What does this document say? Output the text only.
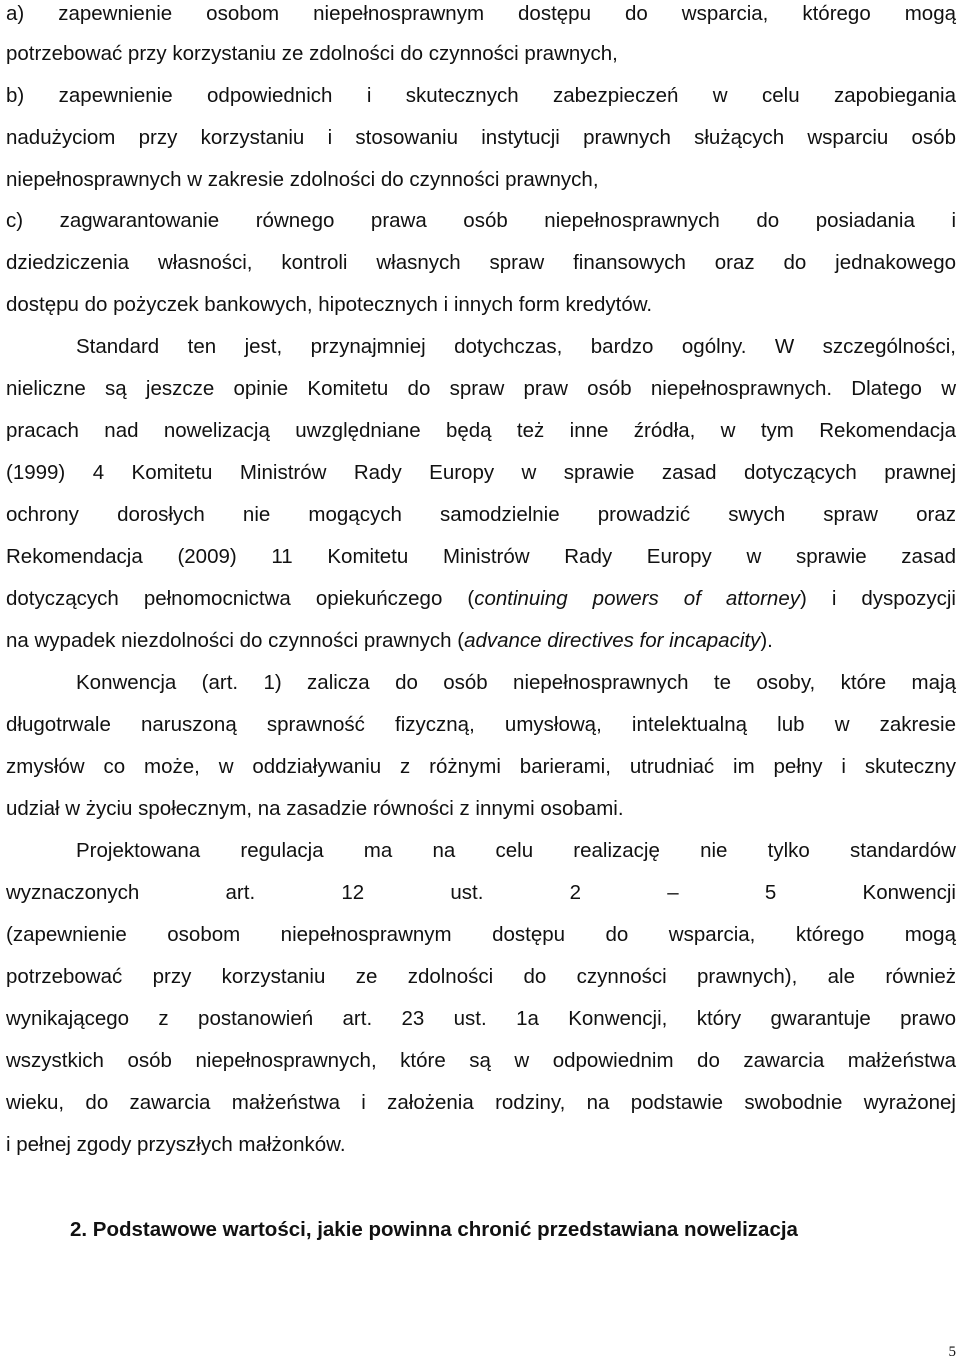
a) zapewnienie osobom niepełnosprawnym dostępu do wsparcia, którego mogą
potrzebować przy korzystaniu ze zdolności do czynności prawnych,
b) zapewnienie odpowiednich i skutecznych zabezpieczeń w celu zapobiegania
nadużyciom przy korzystaniu i stosowaniu instytucji prawnych służących wsparciu osób
niepełnosprawnych w zakresie zdolności do czynności prawnych,
c) zagwarantowanie równego prawa osób niepełnosprawnych do posiadania i
dziedziczenia własności, kontroli własnych spraw finansowych oraz do jednakowego
dostępu do pożyczek bankowych, hipotecznych i innych form kredytów.
Standard ten jest, przynajmniej dotychczas, bardzo ogólny. W szczególności,
nieliczne są jeszcze opinie Komitetu do spraw praw osób niepełnosprawnych. Dlatego w
pracach nad nowelizacją uwzględniane będą też inne źródła, w tym Rekomendacja
(1999) 4 Komitetu Ministrów Rady Europy w sprawie zasad dotyczących prawnej
ochrony dorosłych nie mogących samodzielnie prowadzić swych spraw oraz
Rekomendacja (2009) 11 Komitetu Ministrów Rady Europy w sprawie zasad
dotyczących pełnomocnictwa opiekuńczego (continuing powers of attorney) i dyspozycji
na wypadek niezdolności do czynności prawnych (advance directives for incapacity).
Konwencja (art. 1) zalicza do osób niepełnosprawnych te osoby, które mają
długotrwale naruszoną sprawność fizyczną, umysłową, intelektualną lub w zakresie
zmysłów co może, w oddziaływaniu z różnymi barierami, utrudniać im pełny i skuteczny
udział w życiu społecznym, na zasadzie równości z innymi osobami.
Projektowana regulacja ma na celu realizację nie tylko standardów
wyznaczonych art. 12 ust. 2 – 5 Konwencji
(zapewnienie osobom niepełnosprawnym dostępu do wsparcia, którego mogą
potrzebować przy korzystaniu ze zdolności do czynności prawnych), ale również
wynikającego z postanowień art. 23 ust. 1a Konwencji, który gwarantuje prawo
wszystkich osób niepełnosprawnych, które są w odpowiednim do zawarcia małżeństwa
wieku, do zawarcia małżeństwa i założenia rodziny, na podstawie swobodnie wyrażonej
i pełnej zgody przyszłych małżonków.
2. Podstawowe wartości, jakie powinna chronić przedstawiana nowelizacja
5
